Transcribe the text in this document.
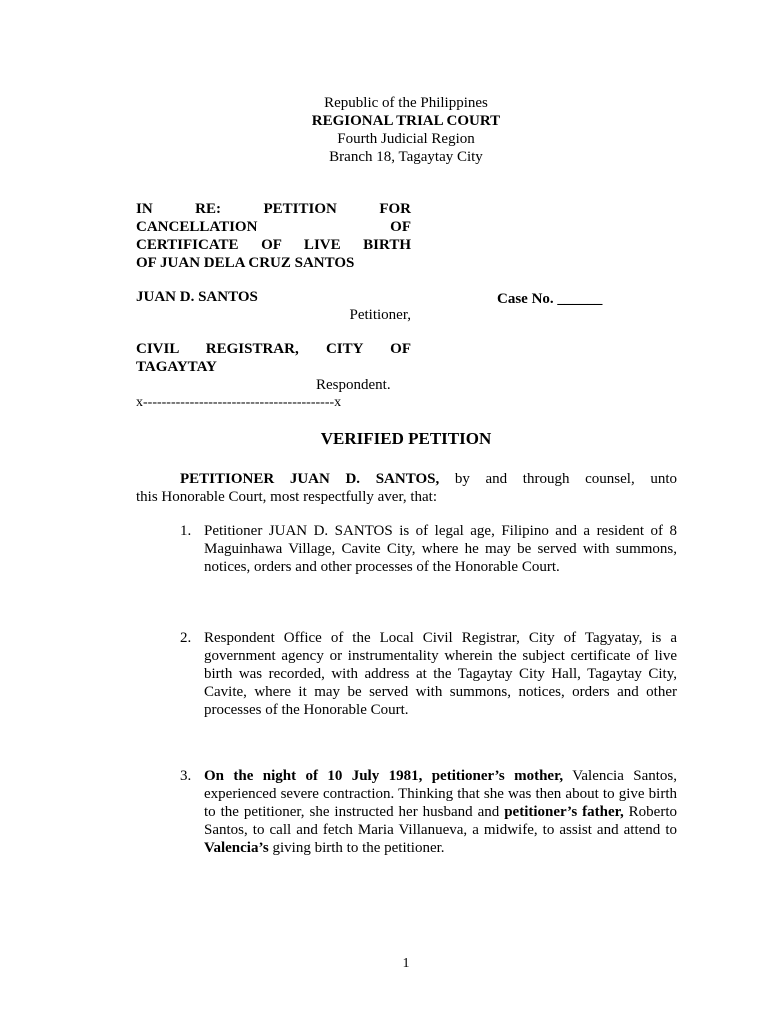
Republic of the Philippines
REGIONAL TRIAL COURT
Fourth Judicial Region
Branch 18, Tagaytay City
IN RE: PETITION FOR
CANCELLATION OF
CERTIFICATE OF LIVE BIRTH
OF JUAN DELA CRUZ SANTOS
JUAN D. SANTOS
Petitioner,
Case No. ______
CIVIL REGISTRAR, CITY OF
TAGAYTAY
Respondent.
x-----------------------------------------x
VERIFIED PETITION
PETITIONER JUAN D. SANTOS, by and through counsel, unto
this Honorable Court, most respectfully aver, that:
1. Petitioner JUAN D. SANTOS is of legal age, Filipino and a resident of 8 Maguinhawa Village, Cavite City, where he may be served with summons, notices, orders and other processes of the Honorable Court.
2. Respondent Office of the Local Civil Registrar, City of Tagyatay, is a government agency or instrumentality wherein the subject certificate of live birth was recorded, with address at the Tagaytay City Hall, Tagaytay City, Cavite, where it may be served with summons, notices, orders and other processes of the Honorable Court.
3. On the night of 10 July 1981, petitioner’s mother, Valencia Santos, experienced severe contraction. Thinking that she was then about to give birth to the petitioner, she instructed her husband and petitioner’s father, Roberto Santos, to call and fetch Maria Villanueva, a midwife, to assist and attend to Valencia’s giving birth to the petitioner.
1
